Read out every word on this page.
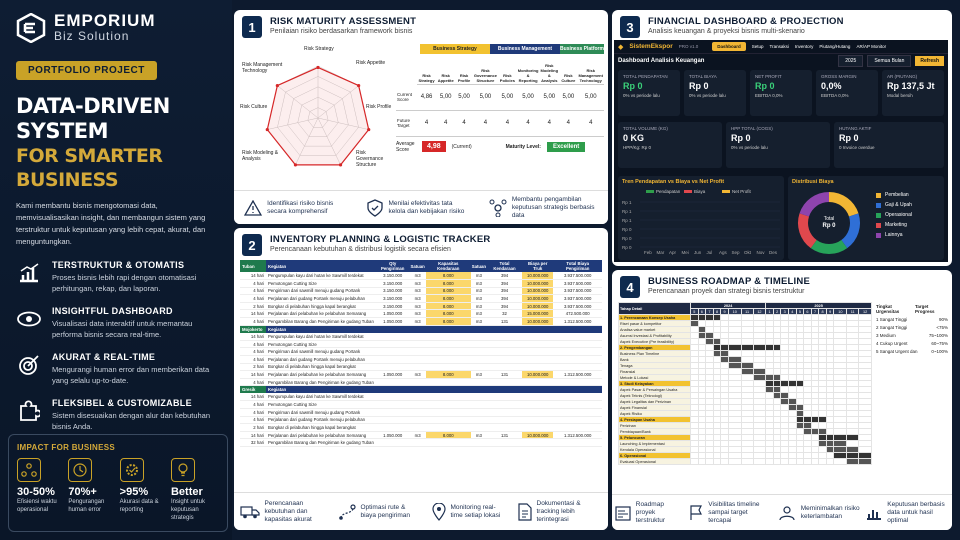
EMPORIUM
Biz Solution
PORTFOLIO PROJECT
DATA-DRIVEN SYSTEM
FOR SMARTER BUSINESS
Kami membantu bisnis mengotomasi data, memvisualisasikan insight, dan membangun sistem yang terstruktur untuk keputusan yang lebih cepat, akurat, dan menguntungkan.
TERSTRUKTUR & OTOMATIS
Proses bisnis lebih rapi dengan otomatisasi perhitungan, rekap, dan laporan.
INSIGHTFUL DASHBOARD
Visualisasi data interaktif untuk memantau performa bisnis secara real-time.
AKURAT & REAL-TIME
Mengurangi human error dan memberikan data yang selalu up-to-date.
FLEKSIBEL & CUSTOMIZABLE
Sistem disesuaikan dengan alur dan kebutuhan bisnis Anda.
IMPACT FOR BUSINESS
30-50%
Efisiensi waktu operasional
70%+
Pengurangan human error
>95%
Akurasi data & reporting
Better
Insight untuk keputusan strategis
1	RISK MATURITY ASSESSMENT
Penilaian risiko berdasarkan framework bisnis
Risk Strategy
Risk Appetite
Risk Profile
Risk Governance Structure
Risk Modeling & Analysis
Risk Culture
Risk Management Technology
Business Strategy	Business Management	Business Platform
	Risk Strategy	Risk Appetite	Risk Profile	Risk Governance Structure	Risk Policies	Monitoring & Reporting	Risk Modeling & Analysis	Risk Culture	Risk Management Technology
Current Score	4,86	5,00	5,00	5,00	5,00	5,00	5,00	5,00	5,00
Future Target	4	4	4	4	4	4	4	4	4
Average Score	4,98	(Current)	Maturity Level:	Excellent
Identifikasi risiko bisnis secara komprehensif
Menilai efektivitas tata kelola dan kebijakan risiko
Membantu pengambilan keputusan strategis berbasis data
2	INVENTORY PLANNING & LOGISTIC TRACKER
Perencanaan kebutuhan & distribusi logistik secara efisien
Tuban	Kegiatan	Qty Pengiriman	Satuan	Kapasitas Kendaraan	Satuan	Total Kendaraan	Biaya per Truk	Total Biaya Pengiriman
14 hari	Pengumpulan kayu dari hutan ke Sawmill terdekat	3.150.000	m3	8.000	m3	394	10.000.000	3.937.500.000
4 hari	Pemotongan Cutting Size	3.150.000	m3	8.000	m3	394	10.000.000	3.937.500.000
4 hari	Pengiriman dari sawmill menuju gudang Portank	3.150.000	m3	8.000	m3	394	10.000.000	3.937.500.000
4 hari	Perjalanan dari gudang Portank menuju pelabuhan	3.150.000	m3	8.000	m3	394	10.000.000	3.937.500.000
2 hari	Bongkar di pelabuhan hingga kapal berangkat	3.150.000	m3	8.000	m3	394	10.000.000	3.937.500.000
14 hari	Perjalanan dari pelabuhan ke pelabuhan Semarang	1.050.000	m3	8.000	m3	32	15.000.000	472.500.000
4 hari	Pengambilan Barang dan Pengiriman ke gudang Tuban	1.050.000	m3	8.000	m3	131	10.000.000	1.312.500.000
Mojokerto	Kegiatan							
14 hari	Pengumpulan kayu dari hutan ke Sawmill terdekat							
4 hari	Pemotongan Cutting Size							
4 hari	Pengiriman dari sawmill menuju gudang Portank							
4 hari	Perjalanan dari gudang Portank menuju pelabuhan							
2 hari	Bongkar di pelabuhan hingga kapal berangkat							
14 hari	Perjalanan dari pelabuhan ke pelabuhan Semarang	1.050.000	m3	8.000	m3	131	10.000.000	1.312.500.000
4 hari	Pengambilan Barang dan Pengiriman ke gudang Tuban							
Gresik	Kegiatan							
14 hari	Pengumpulan kayu dari hutan ke Sawmill terdekat							
4 hari	Pemotongan Cutting Size							
4 hari	Pengiriman dari sawmill menuju gudang Portank							
4 hari	Perjalanan dari gudang Portank menuju pelabuhan							
2 hari	Bongkar di pelabuhan hingga kapal berangkat							
14 hari	Perjalanan dari pelabuhan ke pelabuhan Semarang	1.050.000	m3	8.000	m3	131	10.000.000	1.312.500.000
32 hari	Pengambilan Barang dan Pengiriman ke gudang Tuban							
Perencanaan kebutuhan dan kapasitas akurat
Optimasi rute & biaya pengiriman
Monitoring real-time setiap lokasi
Dokumentasi & tracking lebih terintegrasi
3	FINANCIAL DASHBOARD & PROJECTION
Analisis keuangan & proyeksi bisnis multi-skenario
◆ SistemEkspor PRO v1.0	Dashboard	Setup Transaksi Inventory Piutang/Hutang AR/AP Monitor
Dashboard Analisis Keuangan	2025	Semua Bulan	Refresh
TOTAL PENDAPATAN
Rp 0
0% vs periode lalu
TOTAL BIAYA
Rp 0
0% vs periode lalu
NET PROFIT
Rp 0
EBITDA 0,0%
GROSS MARGIN
0,0%
EBITDA 0,0%
AR (PIUTANG)
Rp 137,5 Jt
Modal bersih
TOTAL VOLUME (KG)
0 KG
HPP/Kg: Rp 0
HPP TOTAL (COGS)
Rp 0
0% vs periode lalu
HUTANG AKTIF
Rp 0
0 Invoice overdue
Tren Pendapatan vs Biaya vs Net Profit
Pendapatan	Biaya	Net Profit
Rp 1
Rp 1
Rp 1
Rp 0
Rp 0
Rp 0
Feb Mar Apr Mei Jun Jul Ags Sep Okt Nov Des
Distribusi Biaya
Total
Rp 0
Pembelian
Gaji & Upah
Operasional
Marketing
Lainnya
4	BUSINESS ROADMAP & TIMELINE
Perencanaan proyek dan strategi bisnis terstruktur
Tahap Detail	2024								2025											
	5	6	7	8	9	10	11	12	1	2	3	4	5	6	7	8	9	10	11	12
1. Perencanaan Konsep Usaha																				
Riset pasar & kompetitor																				
Analisa value market																				
Asumsi Investasi & Profitability																				
Aspek Executive (Pre feasibility)																				
2. Pengembangan																				
Business Plan Timeline																				
Bank																				
Tenaga																				
Finansial																				
Metode & Lokasi																				
3. Studi Kelayakan																				
Aspek Pasar & Persaingan Usaha																				
Aspek Teknis (Teknologi)																				
Aspek Legalitas dan Perizinan																				
Aspek Finansial																				
Aspek Risiko																				
4. Persiapan Usaha																				
Perizinan																				
Pembiayaan/Bank																				
5. Peluncuran																				
Launching & Implementasi																				
Kendala Operasional																				
6. Operasional																				
Evaluasi Operasional																				
Tingkat Urgensitas
Target Progress
1 Sangat Tinggi	90%
2 Sangat Tinggi	<75%
3 Medium	75~100%
4 Cukup Urgent	60~75%
5 Sangat Urgent dan	0~100%
Roadmap proyek terstruktur
Visibilitas timeline sampai target tercapai
Meminimalkan risiko keterlambatan
Keputusan berbasis data untuk hasil optimal
